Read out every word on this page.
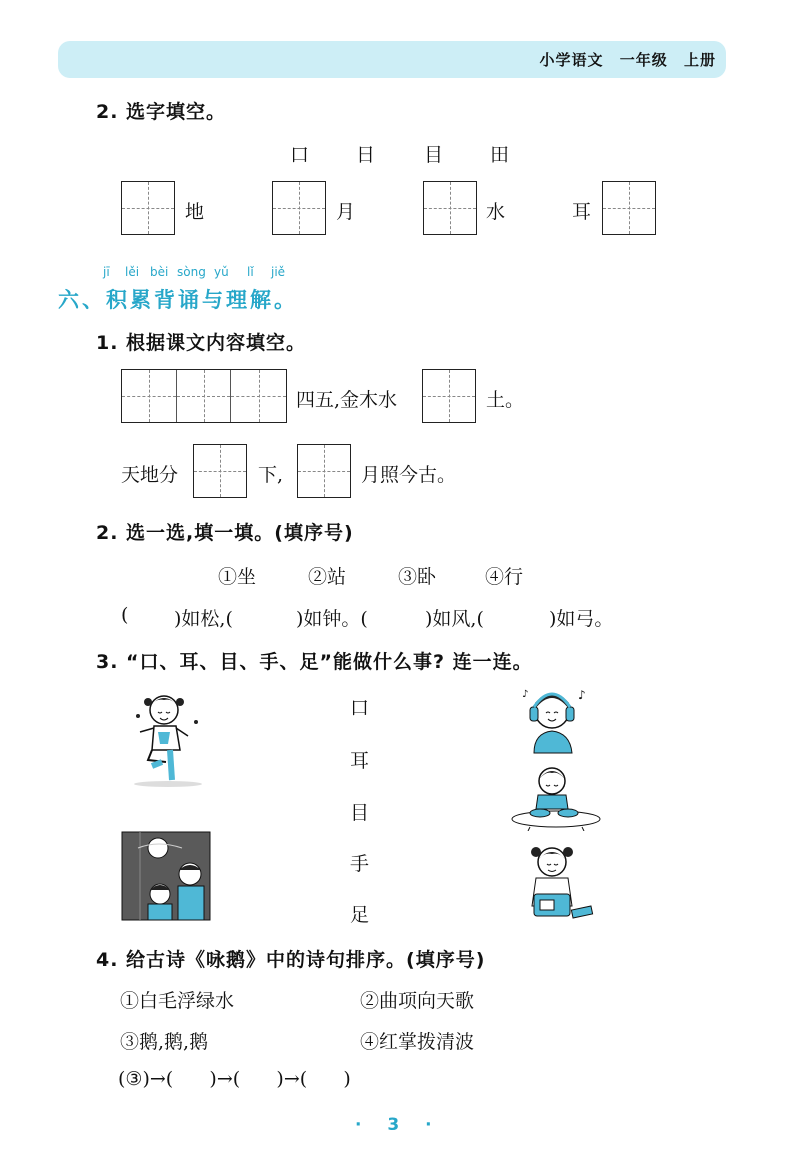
小学语文 一年级 上册
2. 选字填空。
口 日	目 田
地	月	水	耳
jī lěi bèi sòng yǔ lǐ jiě
六、积累背诵与理解。
1. 根据课文内容填空。
四五,金木水	土。
天地分	下,	月照今古。
2. 选一选,填一填。(填序号)
①坐	②站	③卧	④行
( )如松,(	)如钟。(	)如风,(	)如弓。
3. “口、耳、目、手、足”能做什么事? 连一连。
口
耳
目
手
足
♪
♪
4. 给古诗《咏鹅》中的诗句排序。(填序号)
①白毛浮绿水	②曲项向天歌
③鹅,鹅,鹅	④红掌拨清波
(③)→(      )→(      )→(      )
· 3 ·
